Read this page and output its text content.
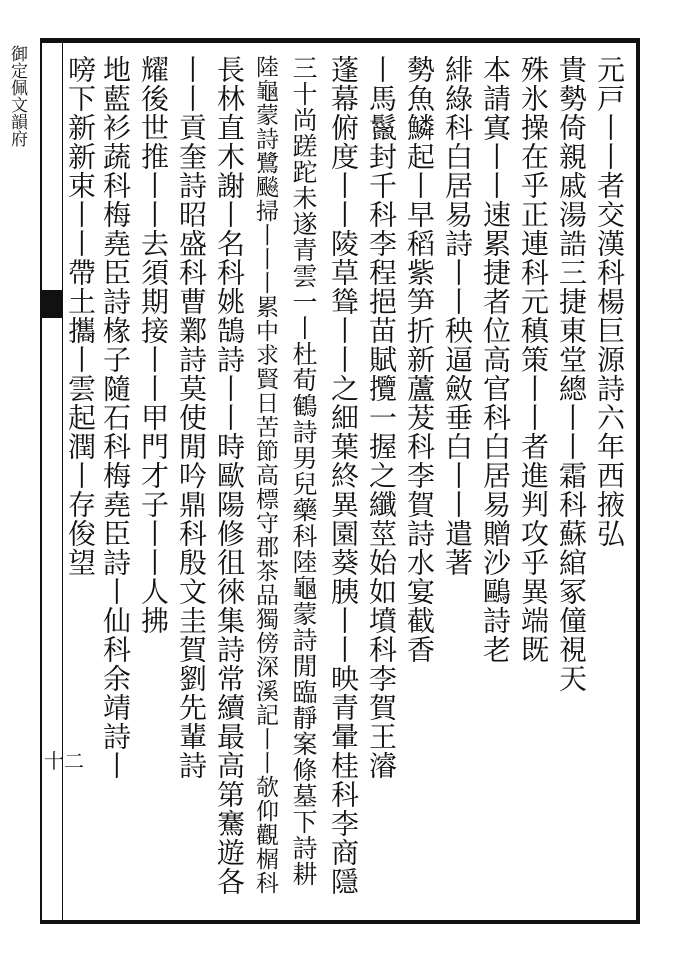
御定佩文韻府
十二
元戸丨丨者交漢科楊巨源詩六年西掖弘
貴勢倚親戚湯誥三捷東堂總丨丨霜科蘇綰冢僮視天
殊氷操在乎正連科元稹策丨丨者進判攻乎異端既
本請寘丨丨速累捷者位高官科白居易贈沙鷗詩老
緋綠科白居易詩丨丨秧逼斂垂白丨丨遣著
勢魚鱗起丨早稻紫笋折新蘆茇科李賀詩水宴截香
丨馬鬣封千科李程挹苗賦攬一握之纖莖始如墳科李賀王濬
蓬幕俯度丨丨陵草聳丨丨之細葉終異園葵胰丨丨映青暈桂科李商隱
三十尚蹉跎未遂青雲一丨杜荀鶴詩男兒藥科陸龜蒙詩閒臨靜案條墓下詩耕
陸龜蒙詩鷺飈掃丨丨丨累中求賢日苦節高標守郡茶品獨傍深溪記丨丨欹仰觀榍科
長林直木謝丨名科姚鵠詩丨丨時歐陽修徂徠集詩常續最高第騫遊各
丨丨貢奎詩昭盛科曹鄴詩莫使閒吟鼎科殷文圭賀劉先輩詩
耀後世推丨丨去須期接丨丨甲門才子丨丨人拂
地藍衫蔬科梅堯臣詩椽子隨石科梅堯臣詩丨仙科余靖詩丨
嗙下新新束丨丨帶土攜丨雲起潤丨存俊望
